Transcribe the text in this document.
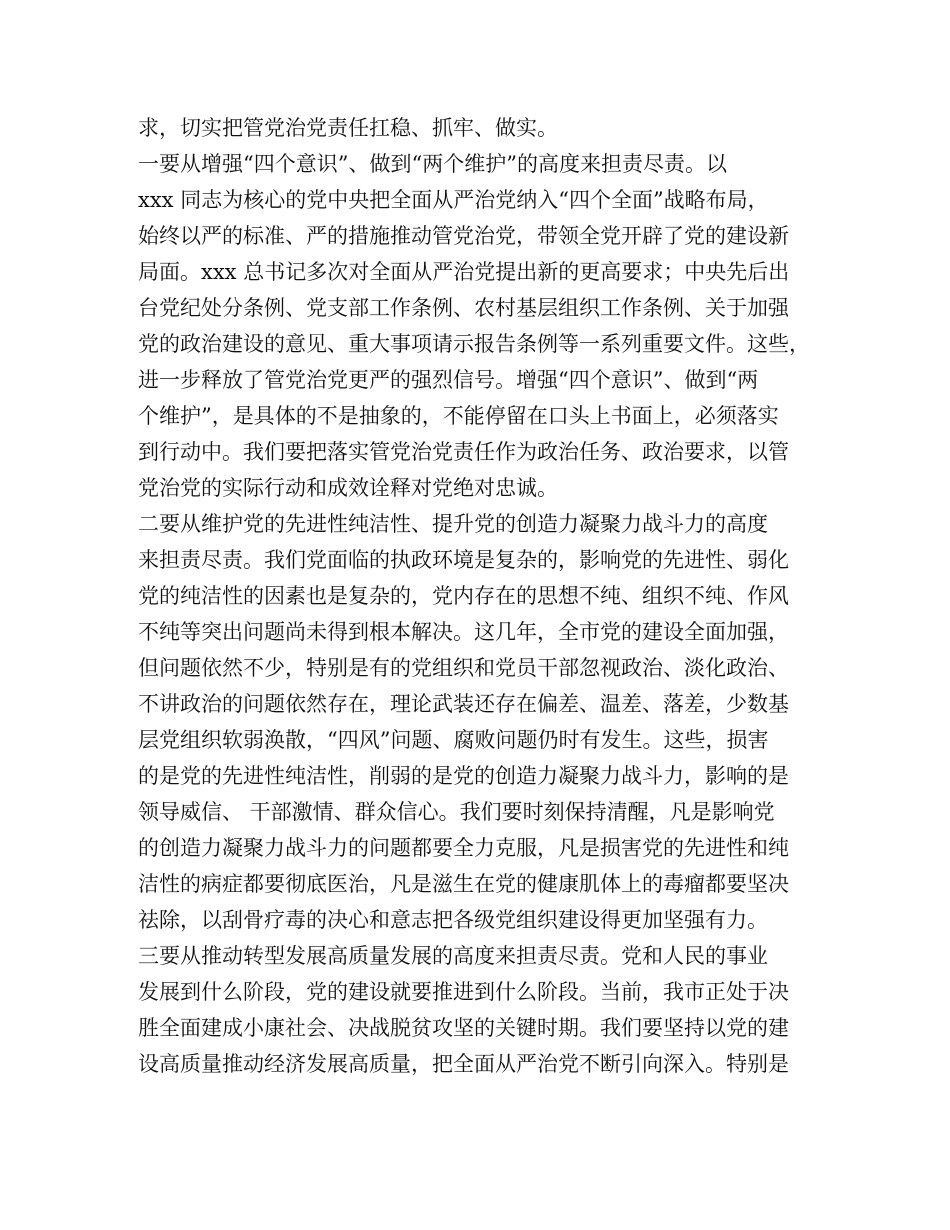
求，切实把管党治党责任扛稳、抓牢、做实。
一要从增强“四个意识”、做到“两个维护”的高度来担责尽责。以
xxx 同志为核心的党中央把全面从严治党纳入“四个全面”战略布局，
始终以严的标准、严的措施推动管党治党，带领全党开辟了党的建设新
局面。xxx 总书记多次对全面从严治党提出新的更高要求；中央先后出
台党纪处分条例、党支部工作条例、农村基层组织工作条例、关于加强
党的政治建设的意见、重大事项请示报告条例等一系列重要文件。这些，
进一步释放了管党治党更严的强烈信号。增强“四个意识”、做到“两
个维护”，是具体的不是抽象的，不能停留在口头上书面上，必须落实
到行动中。我们要把落实管党治党责任作为政治任务、政治要求，以管
党治党的实际行动和成效诠释对党绝对忠诚。
二要从维护党的先进性纯洁性、提升党的创造力凝聚力战斗力的高度
来担责尽责。我们党面临的执政环境是复杂的，影响党的先进性、弱化
党的纯洁性的因素也是复杂的，党内存在的思想不纯、组织不纯、作风
不纯等突出问题尚未得到根本解决。这几年，全市党的建设全面加强，
但问题依然不少，特别是有的党组织和党员干部忽视政治、淡化政治、
不讲政治的问题依然存在，理论武装还存在偏差、温差、落差，少数基
层党组织软弱涣散，“四风”问题、腐败问题仍时有发生。这些，损害
的是党的先进性纯洁性，削弱的是党的创造力凝聚力战斗力，影响的是
领导威信、 干部激情、群众信心。我们要时刻保持清醒，凡是影响党
的创造力凝聚力战斗力的问题都要全力克服，凡是损害党的先进性和纯
洁性的病症都要彻底医治，凡是滋生在党的健康肌体上的毒瘤都要坚决
祛除，以刮骨疗毒的决心和意志把各级党组织建设得更加坚强有力。
三要从推动转型发展高质量发展的高度来担责尽责。党和人民的事业
发展到什么阶段，党的建设就要推进到什么阶段。当前，我市正处于决
胜全面建成小康社会、决战脱贫攻坚的关键时期。我们要坚持以党的建
设高质量推动经济发展高质量，把全面从严治党不断引向深入。特别是
